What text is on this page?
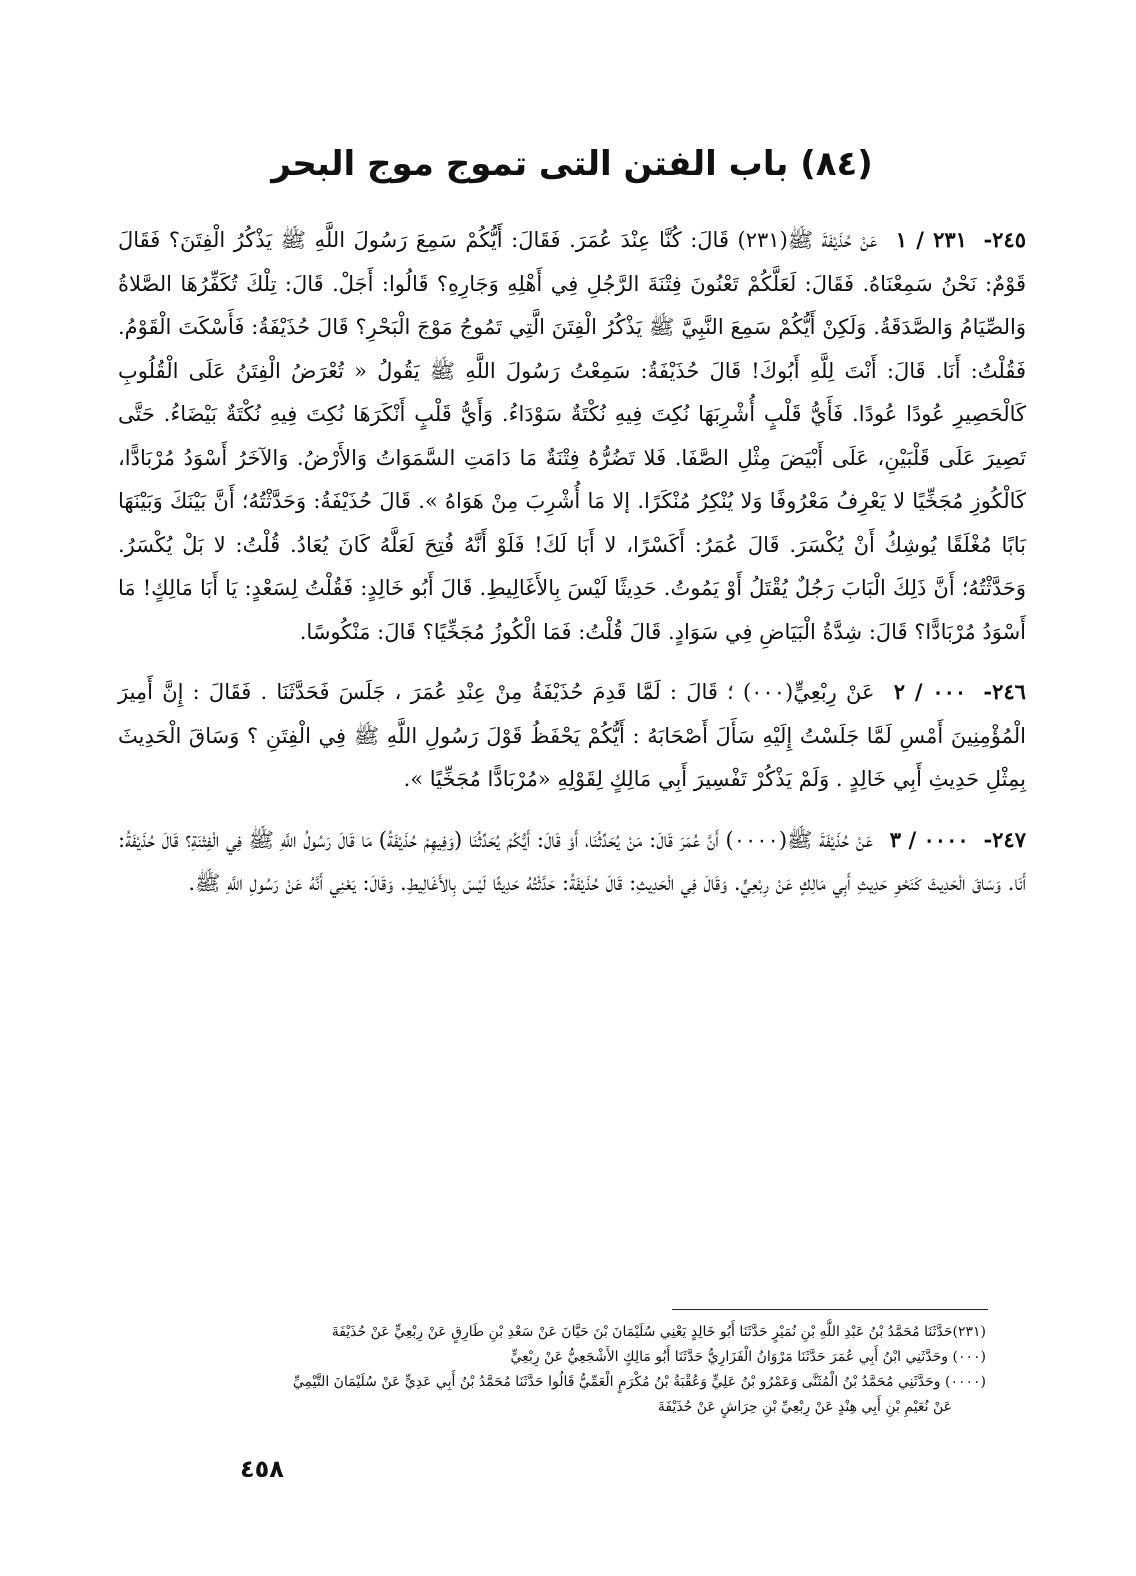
(٨٤) باب الفتن التى تموج موج البحر

٢٤٥- ٢٣١ / ١ عَنْ حُذَيْفَةَ ﷺ(٢٣١) قَالَ: كُنَّا عِنْدَ عُمَرَ. فَقَالَ: أَيُّكُمْ سَمِعَ رَسُولَ اللَّهِ ﷺ يَذْكُرُ الْفِتَنَ؟ فَقَالَ قَوْمٌ: نَحْنُ سَمِعْنَاهُ. فَقَالَ: لَعَلَّكُمْ تَعْنُونَ فِتْنَةَ الرَّجُلِ فِي أَهْلِهِ وَجَارِهِ؟ قَالُوا: أَجَلْ. قَالَ: تِلْكَ تُكَفِّرُهَا الصَّلاةُ وَالصِّيَامُ وَالصَّدَقَةُ. وَلَكِنْ أَيُّكُمْ سَمِعَ النَّبِيَّ ﷺ يَذْكُرُ الْفِتَنَ الَّتِي تَمُوجُ مَوْجَ الْبَحْرِ؟ قَالَ حُذَيْفَةُ: فَأَسْكَتَ الْقَوْمُ. فَقُلْتُ: أَنَا. قَالَ: أَنْتَ لِلَّهِ أَبُوكَ! قَالَ حُذَيْفَةُ: سَمِعْتُ رَسُولَ اللَّهِ ﷺ يَقُولُ « تُعْرَضُ الْفِتَنُ عَلَى الْقُلُوبِ كَالْحَصِيرِ عُودًا عُودًا. فَأَيُّ قَلْبٍ أُشْرِبَهَا نُكِتَ فِيهِ نُكْتَةٌ سَوْدَاءُ. وَأَيُّ قَلْبٍ أَنْكَرَهَا نُكِتَ فِيهِ نُكْتَةٌ بَيْضَاءُ. حَتَّى تَصِيرَ عَلَى قَلْبَيْنِ، عَلَى أَبْيَضَ مِثْلِ الصَّفَا. فَلا تَضُرُّهُ فِتْنَةٌ مَا دَامَتِ السَّمَوَاتُ وَالأَرْضُ. وَالآخَرُ أَسْوَدُ مُرْبَادًّا، كَالْكُوزِ مُجَخِّيًا لا يَعْرِفُ مَعْرُوفًا وَلا يُنْكِرُ مُنْكَرًا. إلا مَا أُشْرِبَ مِنْ هَوَاهُ ». قَالَ حُذَيْفَةُ: وَحَدَّثْتُهُ؛ أَنَّ بَيْنَكَ وَبَيْنَهَا بَابًا مُغْلَقًا يُوشِكُ أَنْ يُكْسَرَ. قَالَ عُمَرُ: أَكَسْرًا، لا أَبَا لَكَ! فَلَوْ أَنَّهُ فُتِحَ لَعَلَّهُ كَانَ يُعَادُ. قُلْتُ: لا بَلْ يُكْسَرُ. وَحَدَّثْتُهُ؛ أَنَّ ذَلِكَ الْبَابَ رَجُلٌ يُقْتَلُ أَوْ يَمُوتُ. حَدِيثًا لَيْسَ بِالأَغَالِيطِ. قَالَ أَبُو خَالِدٍ: فَقُلْتُ لِسَعْدٍ: يَا أَبَا مَالِكٍ! مَا أَسْوَدُ مُرْبَادًّا؟ قَالَ: شِدَّةُ الْبَيَاضِ فِي سَوَادٍ. قَالَ قُلْتُ: فَمَا الْكُوزُ مُجَخِّيًا؟ قَالَ: مَنْكُوسًا.

٢٤٦- ٠٠٠ / ٢ عَنْ رِبْعِيٍّ(٠٠٠) ؛ قَالَ : لَمَّا قَدِمَ حُذَيْفَةُ مِنْ عِنْدِ عُمَرَ ، جَلَسَ فَحَدَّثَنَا . فَقَالَ : إِنَّ أَمِيرَ الْمُؤْمِنِينَ أَمْسِ لَمَّا جَلَسْتُ إِلَيْهِ سَأَلَ أَصْحَابَهُ : أَيُّكُمْ يَحْفَظُ قَوْلَ رَسُولِ اللَّهِ ﷺ فِي الْفِتَنِ ؟ وَسَاقَ الْحَدِيثَ بِمِثْلِ حَدِيثِ أَبِي خَالِدٍ . وَلَمْ يَذْكُرْ تَفْسِيرَ أَبِي مَالِكٍ لِقَوْلِهِ «مُرْبَادًّا مُجَخِّيًا ».

٢٤٧- ٠٠٠٠ / ٣ عَنْ حُذَيْفَةَ ﷺ(٠٠٠٠) أَنَّ عُمَرَ قَالَ: مَنْ يُحَدِّثُنَا، أَوْ قَالَ: أَيُّكُمْ يُحَدِّثُنَا (وَفِيهِمْ حُذَيْفَةُ) مَا قَالَ رَسُولُ اللَّهِ ﷺ فِي الْفِتْنَةِ؟ قَالَ حُذَيْفَةُ: أَنَا. وَسَاقَ الْحَدِيثَ كَنَحْوِ حَدِيثِ أَبِي مَالِكٍ عَنْ رِبْعِيٍّ. وَقَالَ فِي الْحَدِيثِ: قَالَ حُذَيْفَةُ: حَدَّثْتُهُ حَدِيثًا لَيْسَ بِالأَغَالِيطِ. وَقَالَ: يَعْنِي أَنَّهُ عَنْ رَسُولِ اللَّهِ ﷺ.

(٢٣١)حَدَّثَنَا مُحَمَّدُ بْنُ عَبْدِ اللَّهِ بْنِ نُمَيْرٍ حَدَّثَنَا أَبُو خَالِدٍ يَعْنِي سُلَيْمَانَ بْنَ حَيَّانَ عَنْ سَعْدِ بْنِ طَارِقٍ عَنْ رِبْعِيٍّ عَنْ حُذَيْفَةَ

(٠٠٠) وحَدَّثَنِي ابْنُ أَبِي عُمَرَ حَدَّثَنَا مَرْوَانُ الْفَزَارِيُّ حَدَّثَنَا أَبُو مَالِكٍ الأَشْجَعِيُّ عَنْ رِبْعِيٍّ

(٠٠٠٠) وحَدَّثَنِي مُحَمَّدُ بْنُ الْمُثَنَّى وَعَمْرُو بْنُ عَلِيٍّ وَعُقْبَةُ بْنُ مُكْرَمٍ الْعَمِّيُّ قَالُوا حَدَّثَنَا مُحَمَّدُ بْنُ أَبِي عَدِيٍّ عَنْ سُلَيْمَانَ التَّيْمِيِّ

عَنْ نُعَيْمِ بْنِ أَبِي هِنْدٍ عَنْ رِبْعِيِّ بْنِ حِرَاشٍ عَنْ حُذَيْفَةَ

٤٥٨
